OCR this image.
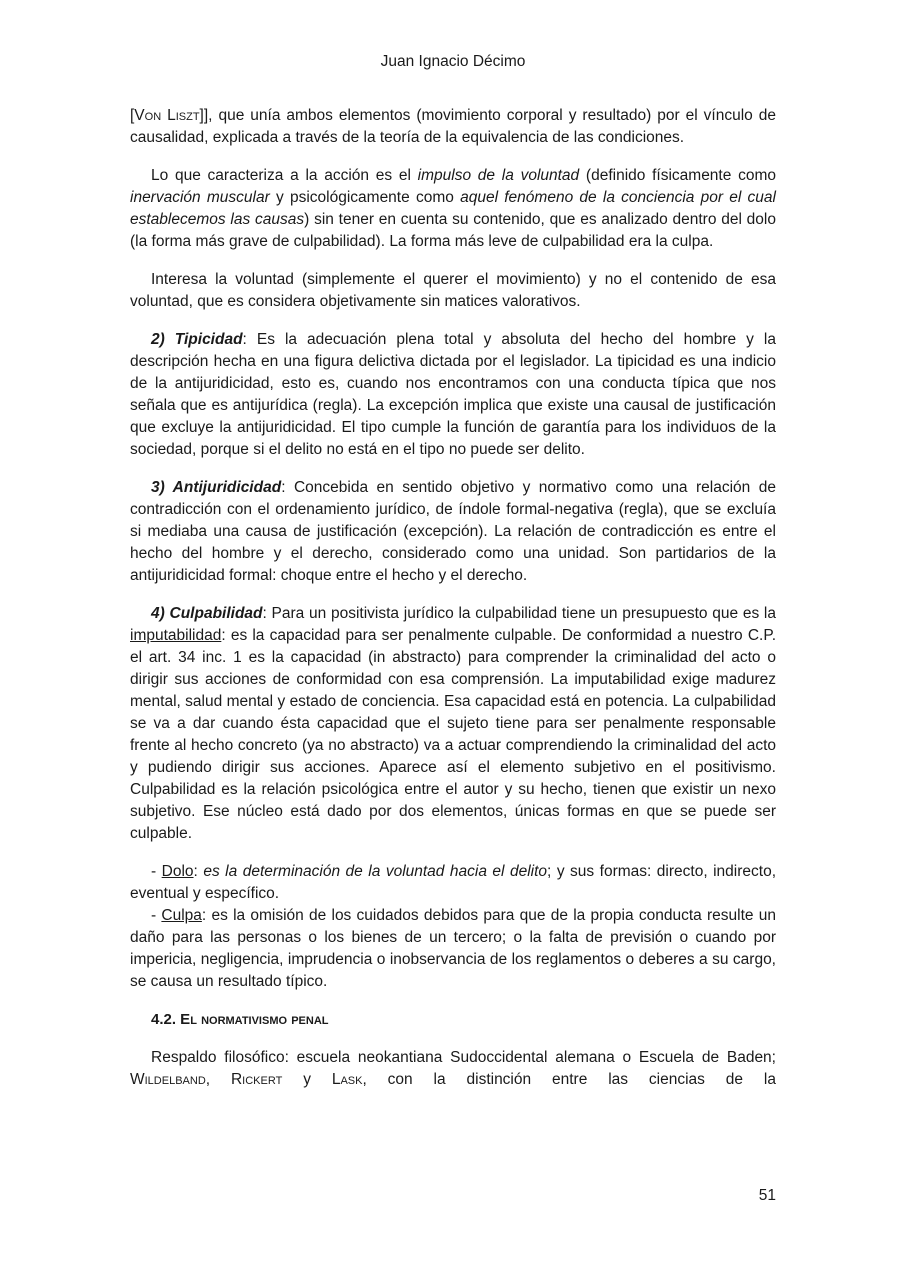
Juan Ignacio Décimo

[Von Liszt]], que unía ambos elementos (movimiento corporal y resultado) por el vínculo de causalidad, explicada a través de la teoría de la equivalencia de las condiciones.

Lo que caracteriza a la acción es el impulso de la voluntad (definido físicamente como inervación muscular y psicológicamente como aquel fenómeno de la conciencia por el cual establecemos las causas) sin tener en cuenta su contenido, que es analizado dentro del dolo (la forma más grave de culpabilidad). La forma más leve de culpabilidad era la culpa.

Interesa la voluntad (simplemente el querer el movimiento) y no el contenido de esa voluntad, que es considera objetivamente sin matices valorativos.

2) Tipicidad: Es la adecuación plena total y absoluta del hecho del hombre y la descripción hecha en una figura delictiva dictada por el legislador. La tipicidad es una indicio de la antijuridicidad, esto es, cuando nos encontramos con una conducta típica que nos señala que es antijurídica (regla). La excepción implica que existe una causal de justificación que excluye la antijuridicidad. El tipo cumple la función de garantía para los individuos de la sociedad, porque si el delito no está en el tipo no puede ser delito.

3) Antijuridicidad: Concebida en sentido objetivo y normativo como una relación de contradicción con el ordenamiento jurídico, de índole formal-negativa (regla), que se excluía si mediaba una causa de justificación (excepción). La relación de contradicción es entre el hecho del hombre y el derecho, considerado como una unidad. Son partidarios de la antijuridicidad formal: choque entre el hecho y el derecho.

4) Culpabilidad: Para un positivista jurídico la culpabilidad tiene un presupuesto que es la imputabilidad: es la capacidad para ser penalmente culpable. De conformidad a nuestro C.P. el art. 34 inc. 1 es la capacidad (in abstracto) para comprender la criminalidad del acto o dirigir sus acciones de conformidad con esa comprensión. La imputabilidad exige madurez mental, salud mental y estado de conciencia. Esa capacidad está en potencia. La culpabilidad se va a dar cuando ésta capacidad que el sujeto tiene para ser penalmente responsable frente al hecho concreto (ya no abstracto) va a actuar comprendiendo la criminalidad del acto y pudiendo dirigir sus acciones. Aparece así el elemento subjetivo en el positivismo. Culpabilidad es la relación psicológica entre el autor y su hecho, tienen que existir un nexo subjetivo. Ese núcleo está dado por dos elementos, únicas formas en que se puede ser culpable.

- Dolo: es la determinación de la voluntad hacia el delito; y sus formas: directo, indirecto, eventual y específico.

- Culpa: es la omisión de los cuidados debidos para que de la propia conducta resulte un daño para las personas o los bienes de un tercero; o la falta de previsión o cuando por impericia, negligencia, imprudencia o inobservancia de los reglamentos o deberes a su cargo, se causa un resultado típico.

4.2. El normativismo penal

Respaldo filosófico: escuela neokantiana Sudoccidental alemana o Escuela de Baden; Wildelband, Rickert y Lask, con la distinción entre las ciencias de la

51
